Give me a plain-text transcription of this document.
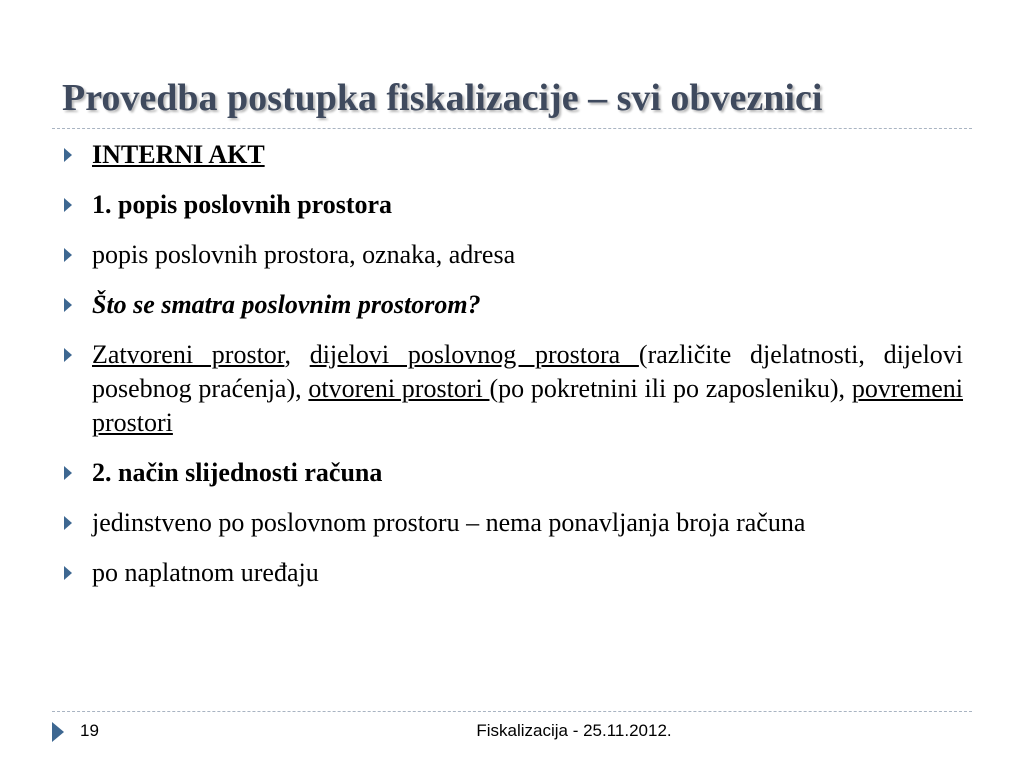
Provedba postupka fiskalizacije – svi obveznici
INTERNI AKT
1. popis poslovnih prostora
popis poslovnih prostora, oznaka, adresa
Što se smatra poslovnim prostorom?
Zatvoreni prostor, dijelovi poslovnog prostora (različite djelatnosti, dijelovi posebnog praćenja), otvoreni prostori (po pokretnini ili po zaposleniku), povremeni prostori
2. način slijednosti računa
jedinstveno po poslovnom prostoru – nema ponavljanja broja računa
po naplatnom uređaju
19	Fiskalizacija - 25.11.2012.
